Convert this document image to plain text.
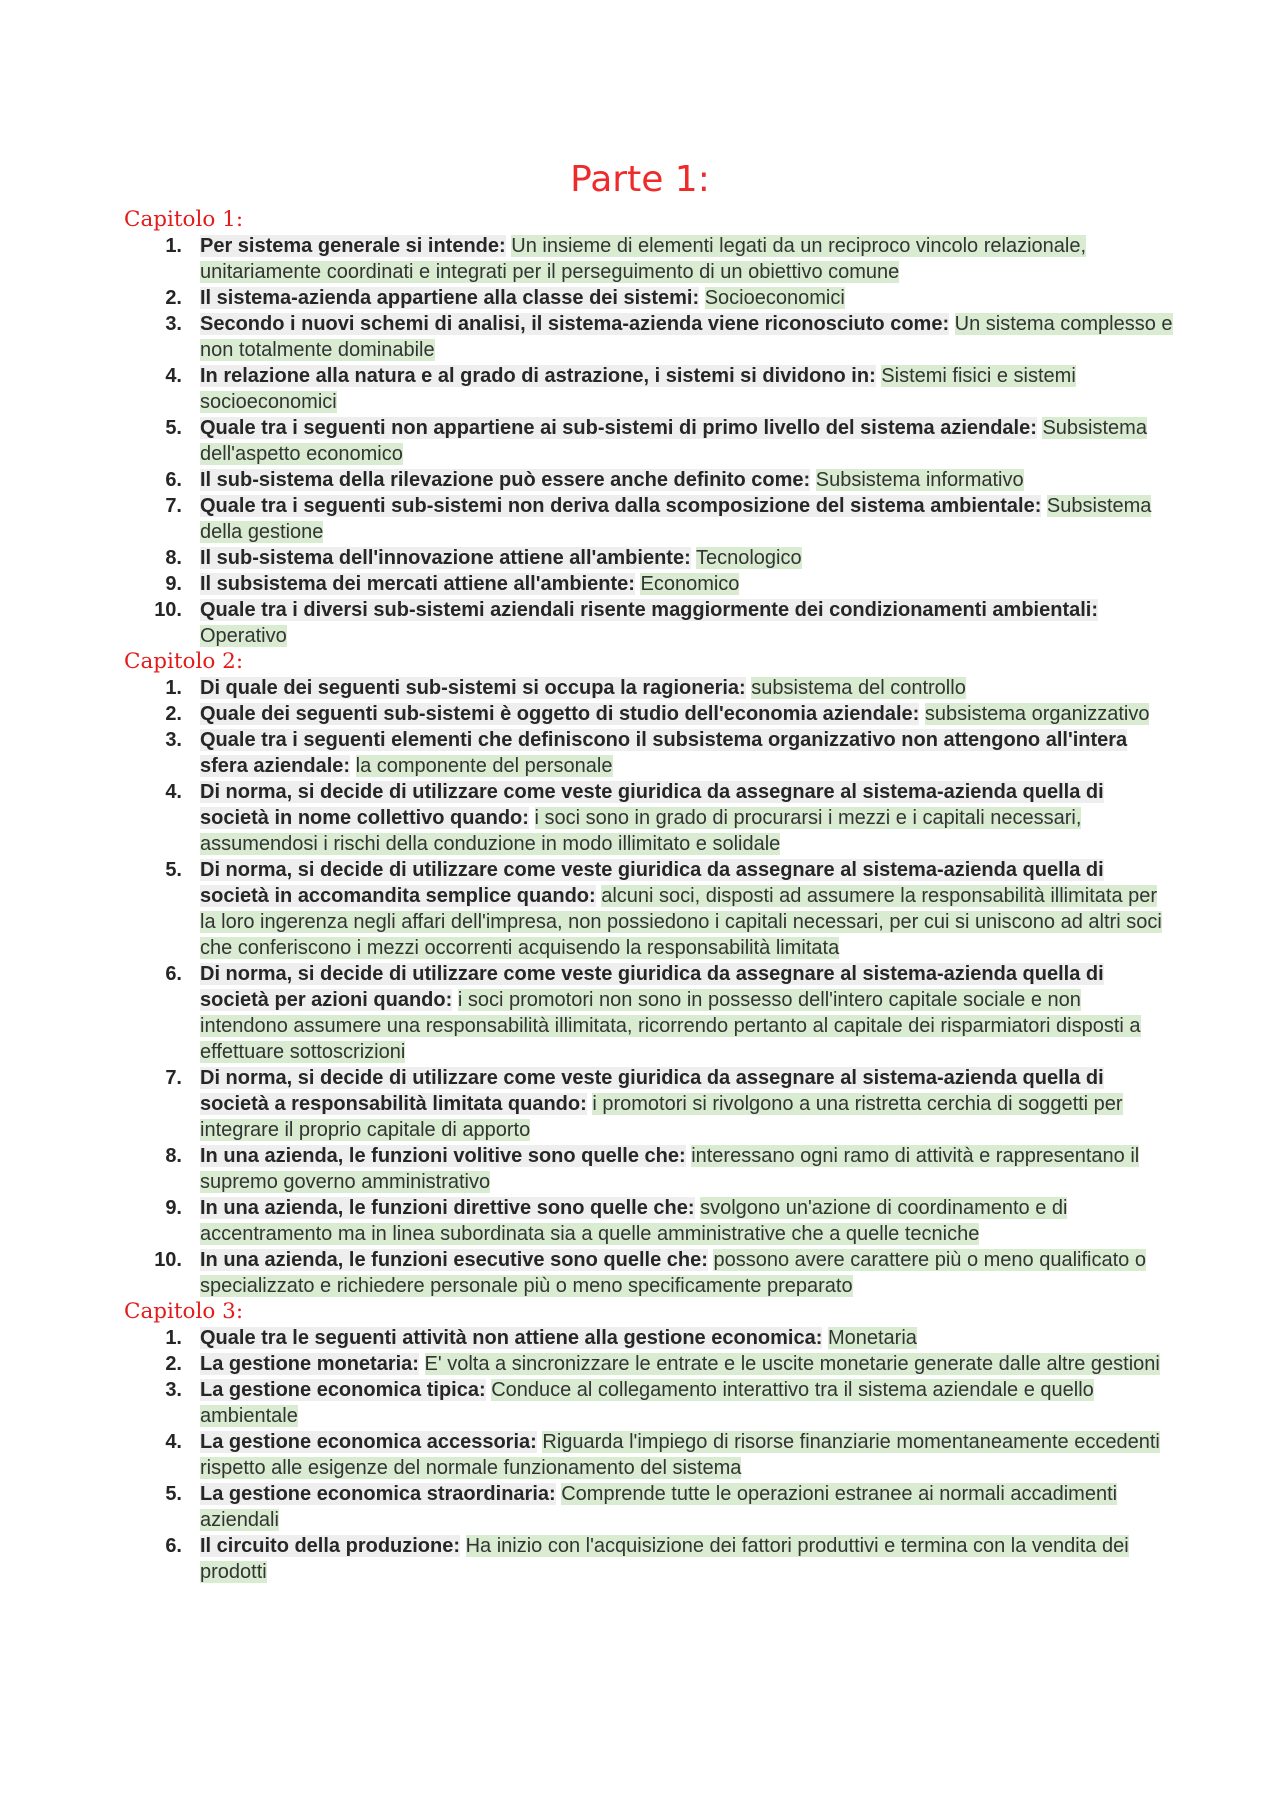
Parte 1:
Capitolo 1:
1. Per sistema generale si intende: Un insieme di elementi legati da un reciproco vincolo relazionale, unitariamente coordinati e integrati per il perseguimento di un obiettivo comune
2. Il sistema-azienda appartiene alla classe dei sistemi: Socioeconomici
3. Secondo i nuovi schemi di analisi, il sistema-azienda viene riconosciuto come: Un sistema complesso e non totalmente dominabile
4. In relazione alla natura e al grado di astrazione, i sistemi si dividono in: Sistemi fisici e sistemi socioeconomici
5. Quale tra i seguenti non appartiene ai sub-sistemi di primo livello del sistema aziendale: Subsistema dell'aspetto economico
6. Il sub-sistema della rilevazione può essere anche definito come: Subsistema informativo
7. Quale tra i seguenti sub-sistemi non deriva dalla scomposizione del sistema ambientale: Subsistema della gestione
8. Il sub-sistema dell'innovazione attiene all'ambiente: Tecnologico
9. Il subsistema dei mercati attiene all'ambiente: Economico
10. Quale tra i diversi sub-sistemi aziendali risente maggiormente dei condizionamenti ambientali: Operativo
Capitolo 2:
1. Di quale dei seguenti sub-sistemi si occupa la ragioneria: subsistema del controllo
2. Quale dei seguenti sub-sistemi è oggetto di studio dell'economia aziendale: subsistema organizzativo
3. Quale tra i seguenti elementi che definiscono il subsistema organizzativo non attengono all'intera sfera aziendale: la componente del personale
4. Di norma, si decide di utilizzare come veste giuridica da assegnare al sistema-azienda quella di società in nome collettivo quando: i soci sono in grado di procurarsi i mezzi e i capitali necessari, assumendosi i rischi della conduzione in modo illimitato e solidale
5. Di norma, si decide di utilizzare come veste giuridica da assegnare al sistema-azienda quella di società in accomandita semplice quando: alcuni soci, disposti ad assumere la responsabilità illimitata per la loro ingerenza negli affari dell'impresa, non possiedono i capitali necessari, per cui si uniscono ad altri soci che conferiscono i mezzi occorrenti acquisendo la responsabilità limitata
6. Di norma, si decide di utilizzare come veste giuridica da assegnare al sistema-azienda quella di società per azioni quando: i soci promotori non sono in possesso dell'intero capitale sociale e non intendono assumere una responsabilità illimitata, ricorrendo pertanto al capitale dei risparmiatori disposti a effettuare sottoscrizioni
7. Di norma, si decide di utilizzare come veste giuridica da assegnare al sistema-azienda quella di società a responsabilità limitata quando: i promotori si rivolgono a una ristretta cerchia di soggetti per integrare il proprio capitale di apporto
8. In una azienda, le funzioni volitive sono quelle che: interessano ogni ramo di attività e rappresentano il supremo governo amministrativo
9. In una azienda, le funzioni direttive sono quelle che: svolgono un'azione di coordinamento e di accentramento ma in linea subordinata sia a quelle amministrative che a quelle tecniche
10. In una azienda, le funzioni esecutive sono quelle che: possono avere carattere più o meno qualificato o specializzato e richiedere personale più o meno specificamente preparato
Capitolo 3:
1. Quale tra le seguenti attività non attiene alla gestione economica: Monetaria
2. La gestione monetaria: E' volta a sincronizzare le entrate e le uscite monetarie generate dalle altre gestioni
3. La gestione economica tipica: Conduce al collegamento interattivo tra il sistema aziendale e quello ambientale
4. La gestione economica accessoria: Riguarda l'impiego di risorse finanziarie momentaneamente eccedenti rispetto alle esigenze del normale funzionamento del sistema
5. La gestione economica straordinaria: Comprende tutte le operazioni estranee ai normali accadimenti aziendali
6. Il circuito della produzione: Ha inizio con l'acquisizione dei fattori produttivi e termina con la vendita dei prodotti
